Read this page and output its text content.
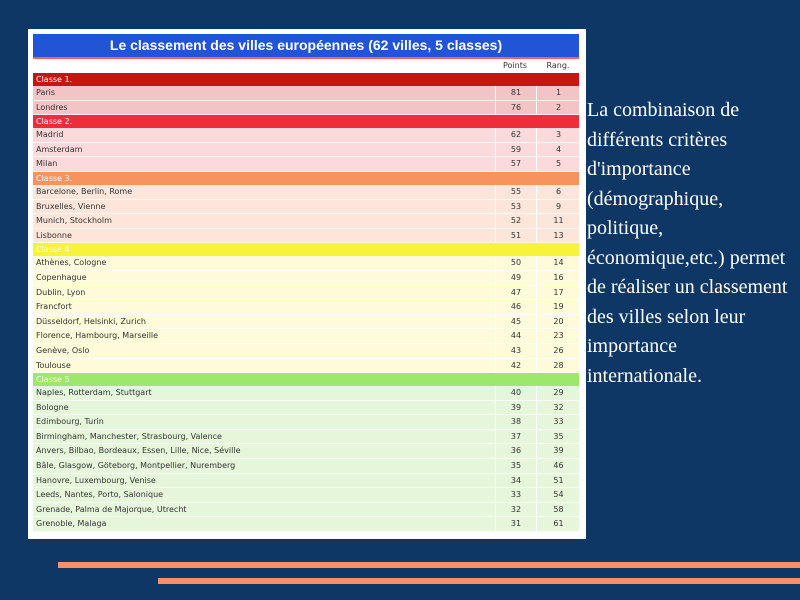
Le classement des villes européennes (62 villes, 5 classes)
Points	Rang.
Classe 1.
Paris	81	1
Londres	76	2
Classe 2.
Madrid	62	3
Amsterdam	59	4
Milan	57	5
Classe 3.
Barcelone, Berlin, Rome	55	6
Bruxelles, Vienne	53	9
Munich, Stockholm	52	11
Lisbonne	51	13
Classe 4
Athènes, Cologne	50	14
Copenhague	49	16
Dublin, Lyon	47	17
Francfort	46	19
Düsseldorf, Helsinki, Zurich	45	20
Florence, Hambourg, Marseille	44	23
Genève, Oslo	43	26
Toulouse	42	28
Classe 5
Naples, Rotterdam, Stuttgart	40	29
Bologne	39	32
Edimbourg, Turin	38	33
Birmingham, Manchester, Strasbourg, Valence	37	35
Anvers, Bilbao, Bordeaux, Essen, Lille, Nice, Séville	36	39
Bâle, Glasgow, Göteborg, Montpellier, Nuremberg	35	46
Hanovre, Luxembourg, Venise	34	51
Leeds, Nantes, Porto, Salonique	33	54
Grenade, Palma de Majorque, Utrecht	32	58
Grenoble, Malaga	31	61
La combinaison de différents critères d'importance (démographique, politique, économique,etc.) permet de réaliser un classement des villes selon leur importance internationale.
